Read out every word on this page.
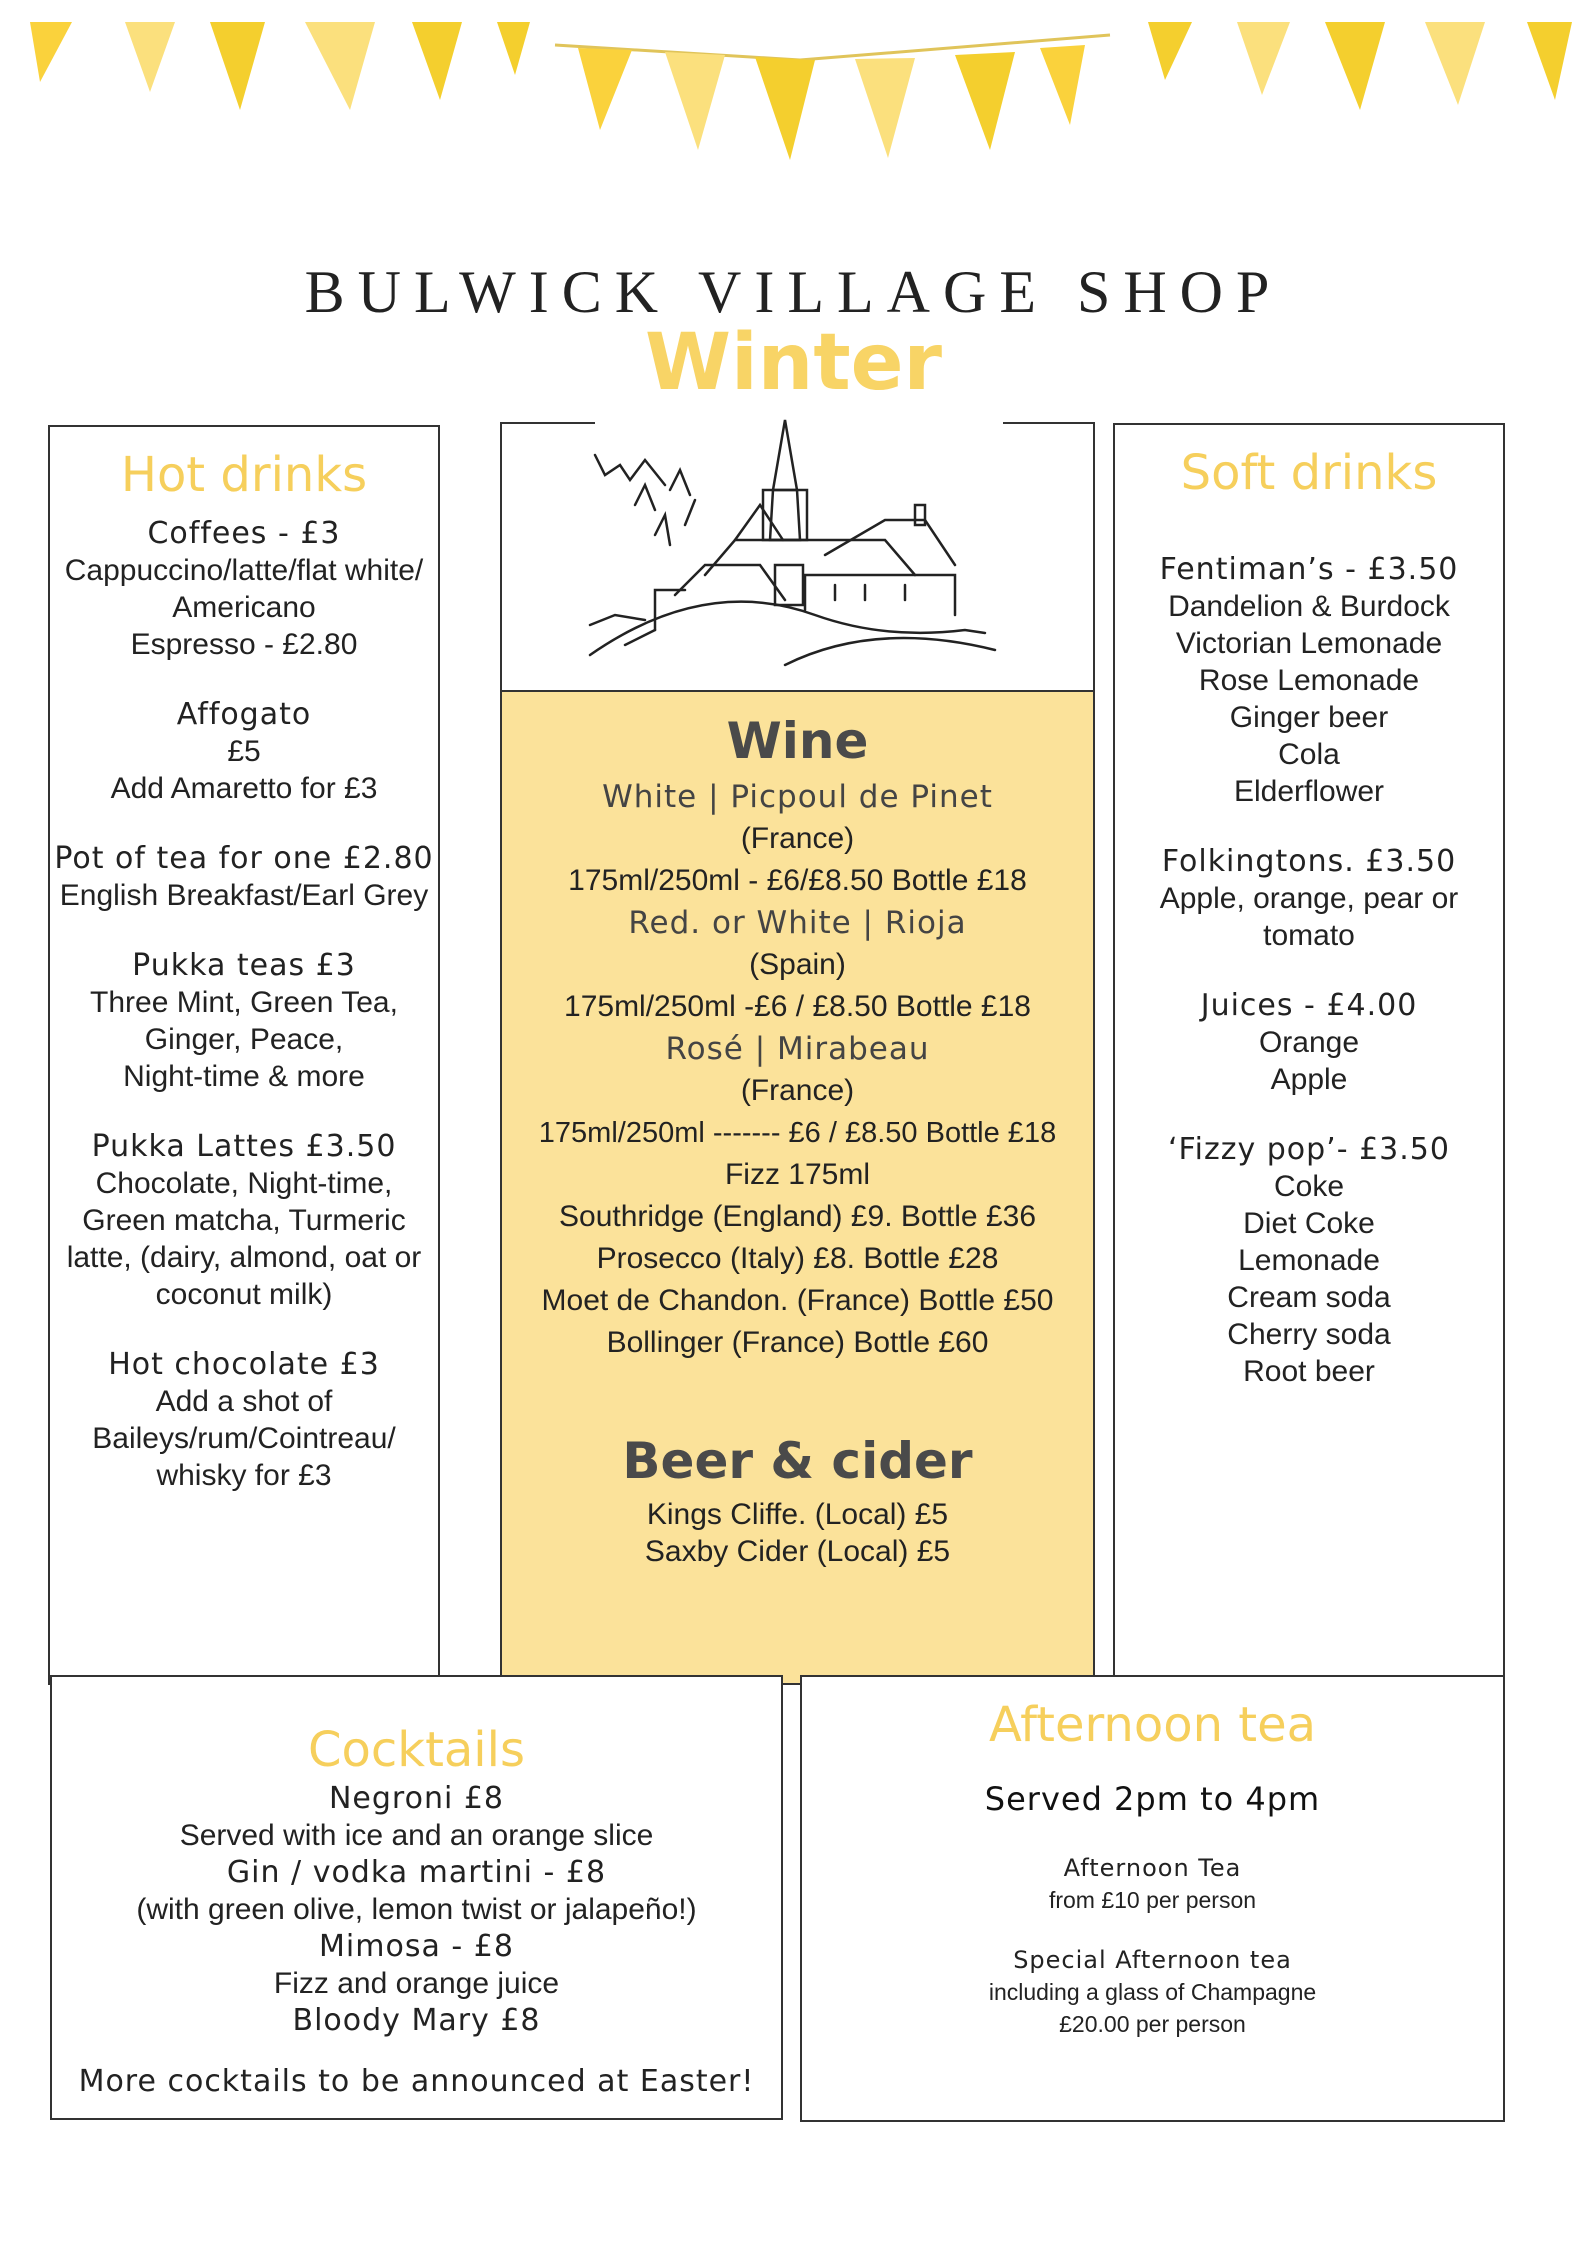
BULWICK VILLAGE SHOP
Winter
Hot drinks
Coffees - £3
Cappuccino/latte/flat white/
Americano
Espresso - £2.80
Affogato
£5
Add Amaretto for £3
Pot of tea for one £2.80
English Breakfast/Earl Grey
Pukka teas £3
Three Mint, Green Tea,
Ginger, Peace,
Night-time & more
Pukka Lattes £3.50
Chocolate, Night-time,
Green matcha, Turmeric
latte, (dairy, almond, oat or
coconut milk)
Hot chocolate £3
Add a shot of
Baileys/rum/Cointreau/
whisky for £3
Wine
White | Picpoul de Pinet
(France)
175ml/250ml - £6/£8.50 Bottle £18
Red. or White | Rioja
(Spain)
175ml/250ml -£6 / £8.50 Bottle £18
Rosé | Mirabeau
(France)
175ml/250ml ------- £6 / £8.50 Bottle £18
Fizz 175ml
Southridge (England) £9. Bottle £36
Prosecco (Italy) £8. Bottle £28
Moet de Chandon. (France) Bottle £50
Bollinger (France) Bottle £60
Beer & cider
Kings Cliffe. (Local) £5
Saxby Cider (Local) £5
Soft drinks
Fentiman’s - £3.50
Dandelion & Burdock
Victorian Lemonade
Rose Lemonade
Ginger beer
Cola
Elderflower
Folkingtons. £3.50
Apple, orange, pear or
tomato
Juices - £4.00
Orange
Apple
‘Fizzy pop’- £3.50
Coke
Diet Coke
Lemonade
Cream soda
Cherry soda
Root beer
Cocktails
Negroni £8
Served with ice and an orange slice
Gin / vodka martini - £8
(with green olive, lemon twist or jalapeño!)
Mimosa - £8
Fizz and orange juice
Bloody Mary £8
More cocktails to be announced at Easter!
Afternoon tea
Served 2pm to 4pm
Afternoon Tea
from £10 per person
Special Afternoon tea
including a glass of Champagne
£20.00 per person
